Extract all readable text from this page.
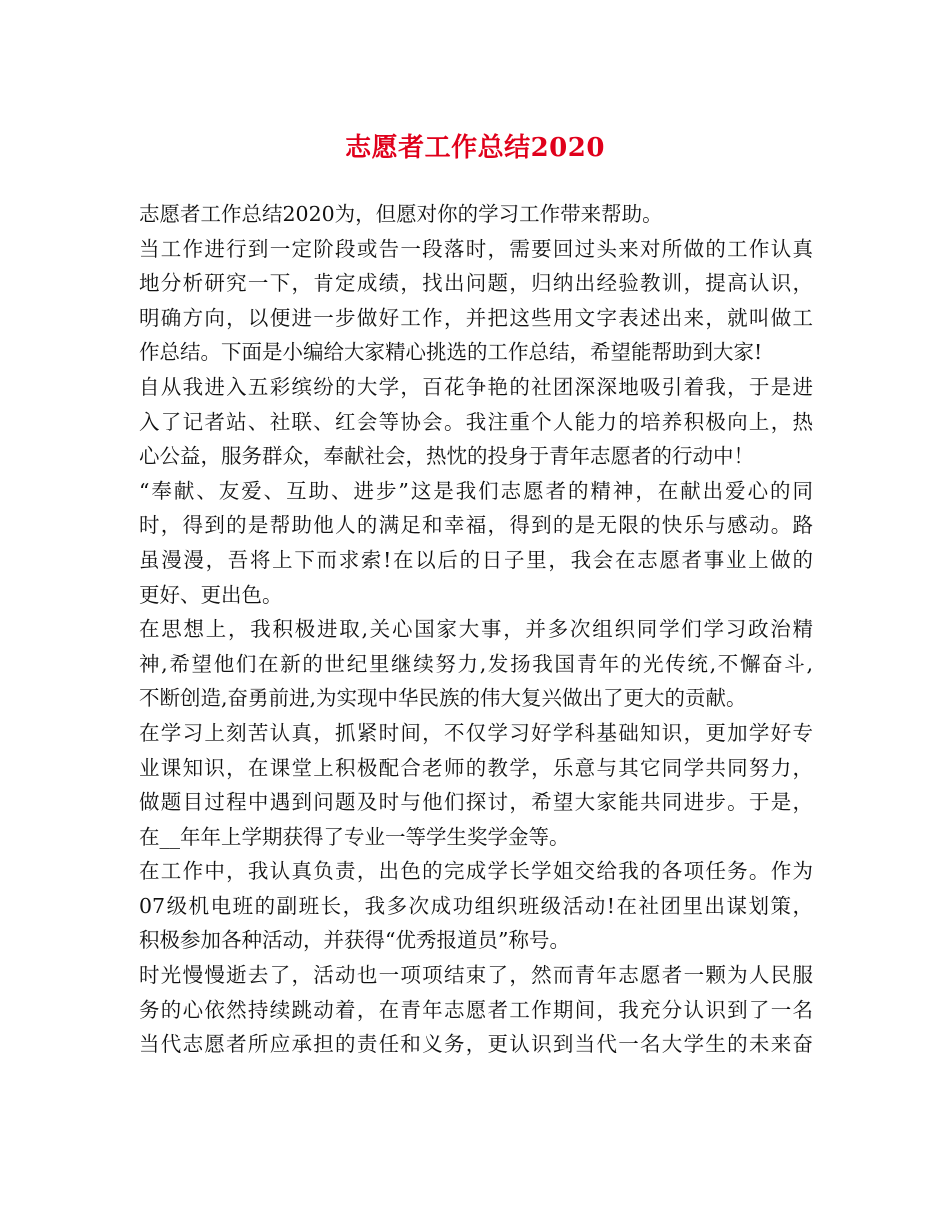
志愿者工作总结2020
志愿者工作总结2020为，但愿对你的学习工作带来帮助。
当工作进行到一定阶段或告一段落时，需要回过头来对所做的工作认真
地分析研究一下，肯定成绩，找出问题，归纳出经验教训，提高认识，
明确方向，以便进一步做好工作，并把这些用文字表述出来，就叫做工
作总结。下面是小编给大家精心挑选的工作总结，希望能帮助到大家!
自从我进入五彩缤纷的大学，百花争艳的社团深深地吸引着我，于是进
入了记者站、社联、红会等协会。我注重个人能力的培养积极向上，热
心公益，服务群众，奉献社会，热忱的投身于青年志愿者的行动中！
“奉献、友爱、互助、进步”这是我们志愿者的精神，在献出爱心的同
时，得到的是帮助他人的满足和幸福，得到的是无限的快乐与感动。路
虽漫漫，吾将上下而求索!在以后的日子里，我会在志愿者事业上做的
更好、更出色。
在思想上，我积极进取,关心国家大事，并多次组织同学们学习政治精
神,希望他们在新的世纪里继续努力,发扬我国青年的光传统,不懈奋斗,
不断创造,奋勇前进,为实现中华民族的伟大复兴做出了更大的贡献。
在学习上刻苦认真，抓紧时间，不仅学习好学科基础知识，更加学好专
业课知识，在课堂上积极配合老师的教学，乐意与其它同学共同努力，
做题目过程中遇到问题及时与他们探讨，希望大家能共同进步。于是，
在__年年上学期获得了专业一等学生奖学金等。
在工作中，我认真负责，出色的完成学长学姐交给我的各项任务。作为
07级机电班的副班长，我多次成功组织班级活动!在社团里出谋划策，
积极参加各种活动，并获得“优秀报道员”称号。
时光慢慢逝去了，活动也一项项结束了，然而青年志愿者一颗为人民服
务的心依然持续跳动着，在青年志愿者工作期间，我充分认识到了一名
当代志愿者所应承担的责任和义务，更认识到当代一名大学生的未来奋
